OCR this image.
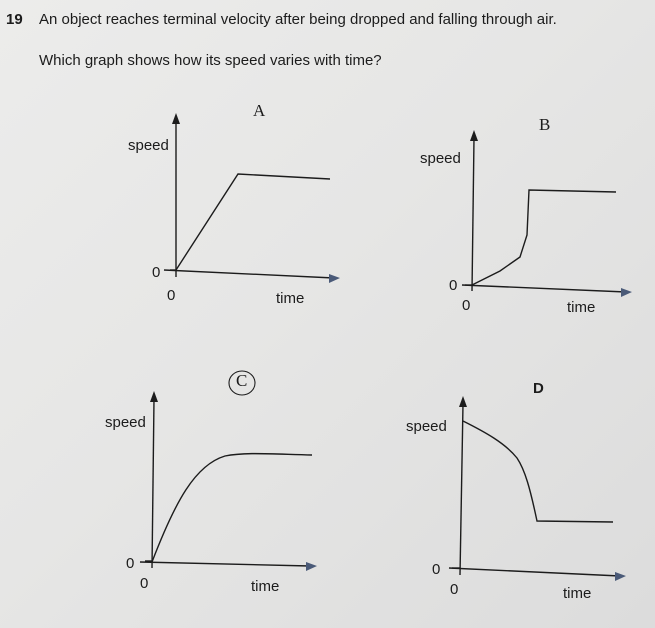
19 An object reaches terminal velocity after being dropped and falling through air.

Which graph shows how its speed varies with time?

A
speed
0
0	time
B
speed
0
0	time
C
speed
0
0	time
D
speed
0
0	time
